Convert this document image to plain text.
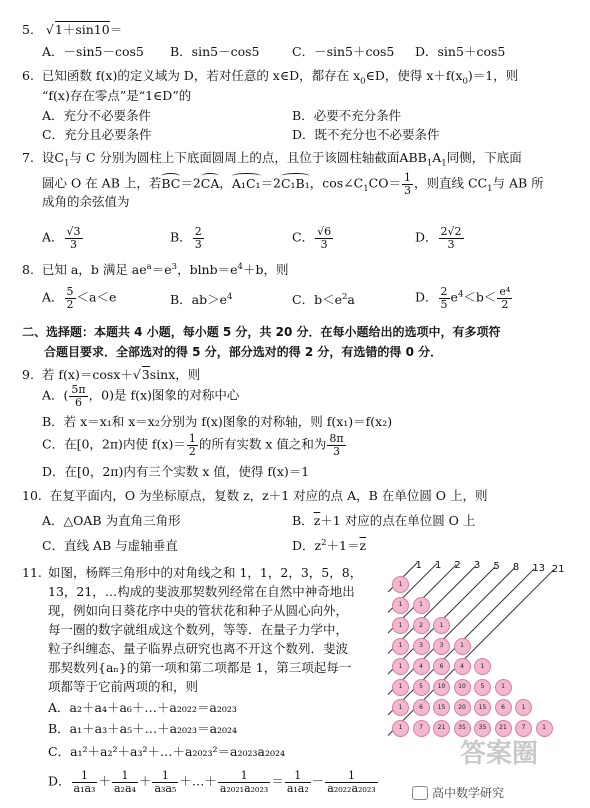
5. √1＋sin10＝
A．－sin5－cos5 B．sin5－cos5	C．－sin5＋cos5 D．sin5＋cos5
6. 已知函数 f(x)的定义域为 D，若对任意的 x∈D，都存在 $x_0\in D$，使得 $x+f(x_0)=1$，则
“f(x)存在零点”是“1∈D”的
A．充分不必要条件	B．必要不充分条件
C．充分且必要条件	D．既不充分也不必要条件
7. 设$C_1$与 C 分别为圆柱上下底面圆周上的点，且位于该圆柱轴截面$ABB_1A_1$同侧，下底面
圆心 O 在 AB 上，若BC＝2CA，A₁C₁＝2C₁B₁，$\cos\angle C_1CO= \frac{1}{3}$ ，则直线 $CC_1$与 AB 所
成角的余弦值为
A． $\frac{√3}{3}$	B． $\frac{2}{3}$	C． $\frac{√6}{3}$	D． $\frac{2√2}{3}$
8. 已知 a，b 满足 $ae^a=e^3$，$blnb=e^4+b$，则
A． $\frac{5}{2} <a<e$	B．$ab>e^4$	C．$b<e^2a$	D． $\frac{2}{5} e^4<b< \frac{\text{e⁴}}{2}$
二、选择题：本题共 4 小题，每小题 5 分，共 20 分．在每小题给出的选项中，有多项符
合题目要求．全部选对的得 5 分，部分选对的得 2 分，有选错的得 0 分．
9. 若 f(x)＝cosx＋√3sinx，则
A．( $\frac{5\pi}{6}$ ，0)是 f(x)图象的对称中心
B．若 x＝x₁和 x＝x₂分别为 f(x)图象的对称轴，则 f(x₁)＝f(x₂)
C．在[0，2π)内使 $f(x)= \frac{1}{2}$ 的所有实数 x 值之和为 $\frac{8\pi}{3}$
D．在[0，2π)内有三个实数 x 值，使得 f(x)＝1
10. 在复平面内，O 为坐标原点，复数 z，z＋1 对应的点 A，B 在单位圆 O 上，则
A．△OAB 为直角三角形	B．$\overline{z}+1$ 对应的点在单位圆 O 上
C．直线 AB 与虚轴垂直	D．$z^2+1=\overline{z}$
11. 如图，杨辉三角形中的对角线之和 1，1，2，3，5，8，
13，21，…构成的斐波那契数列经常在自然中神奇地出
现，例如向日葵花序中央的管状花和种子从圆心向外，
每一圈的数字就组成这个数列，等等．在量子力学中，
粒子纠缠态、量子临界点研究也离不开这个数列．斐波
那契数列{aₙ}的第一项和第二项都是 1，第三项起每一
项都等于它前两项的和，则
A．a₂＋a₄＋a₆＋…＋a₂₀₂₂＝a₂₀₂₃
B．a₁＋a₃＋a₅＋…＋a₂₀₂₃＝a₂₀₂₄
C．a₁²＋a₂²＋a₃²＋…＋a₂₀₂₃²＝a₂₀₂₃a₂₀₂₄
D． $\frac{1}{\text{a₁a₃}} + \frac{1}{\text{a₂a₄}} + \frac{1}{\text{a₃a₅}}$ ＋…＋ $\frac{1}{\text{a₂₀₂₁a₂₀₂₃}} = \frac{1}{\text{a₁a₂}} - \frac{1}{\text{a₂₀₂₂a₂₀₂₃}}$
1
1	1
1	2	1
1	3	3	1
1	4	6	4	1
1	5	10	10	5	1
1	6	15	20	15	6	1
1	7	21	35	35	21	7	1
1 1 2 3 5 8 13 21
答案圈
高中数学研究
